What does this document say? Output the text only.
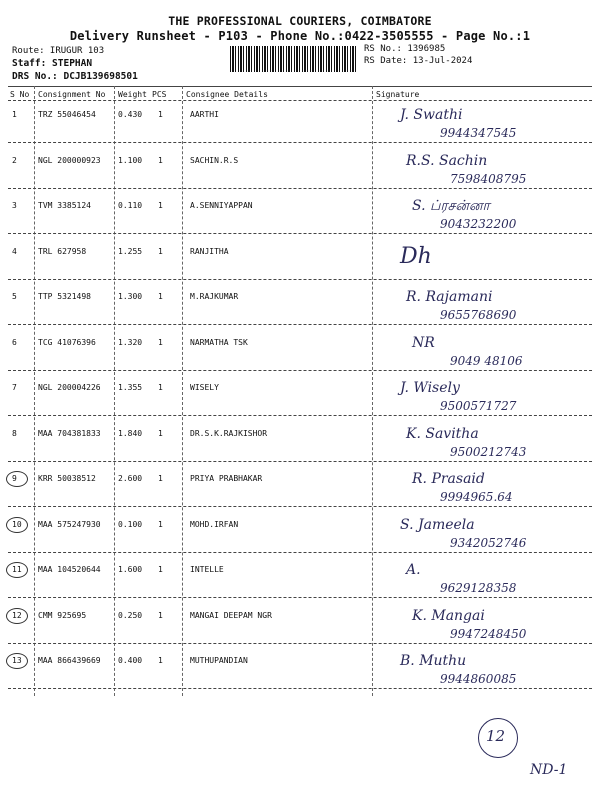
THE PROFESSIONAL COURIERS, COIMBATORE
Delivery Runsheet - P103 - Phone No.:0422-3505555 - Page No.:1
Route: IRUGUR 103
Staff: STEPHAN
DRS No.: DCJB139698501
RS No.: 1396985
RS Date: 13-Jul-2024
S No Consignment No Weight PCS Consignee Details	Signature
1	TRZ 55046454	0.430 1	AARTHI	J. Swathi
9944347545
2	NGL 200000923 1.100 1	SACHIN.R.S	R.S. Sachin
7598408795
3	TVM 3385124	0.110 1	A.SENNIYAPPAN	S. ப்ரசன்னா
9043232200
4	TRL 627958	1.255 1	RANJITHA	Dh
5	TTP 5321498	1.300 1	M.RAJKUMAR	R. Rajamani
9655768690
6	TCG 41076396	1.320 1	NARMATHA TSK	NR
9049 48106
7	NGL 200004226 1.355 1	WISELY	J. Wisely
9500571727
8	MAA 704381833 1.840 1	DR.S.K.RAJKISHOR	K. Savitha
9500212743
9	KRR 50038512	2.600 1	PRIYA PRABHAKAR	R. Prasaid
9994965.64
10 MAA 575247930 0.100 1	MOHD.IRFAN	S. Jameela
9342052746
11 MAA 104520644 1.600 1	INTELLE	A.
9629128358
12 CMM 925695	0.250 1	MANGAI DEEPAM NGR	K. Mangai
9947248450
13 MAA 866439669 0.400 1	MUTHUPANDIAN	B. Muthu
9944860085
12
ND-1
